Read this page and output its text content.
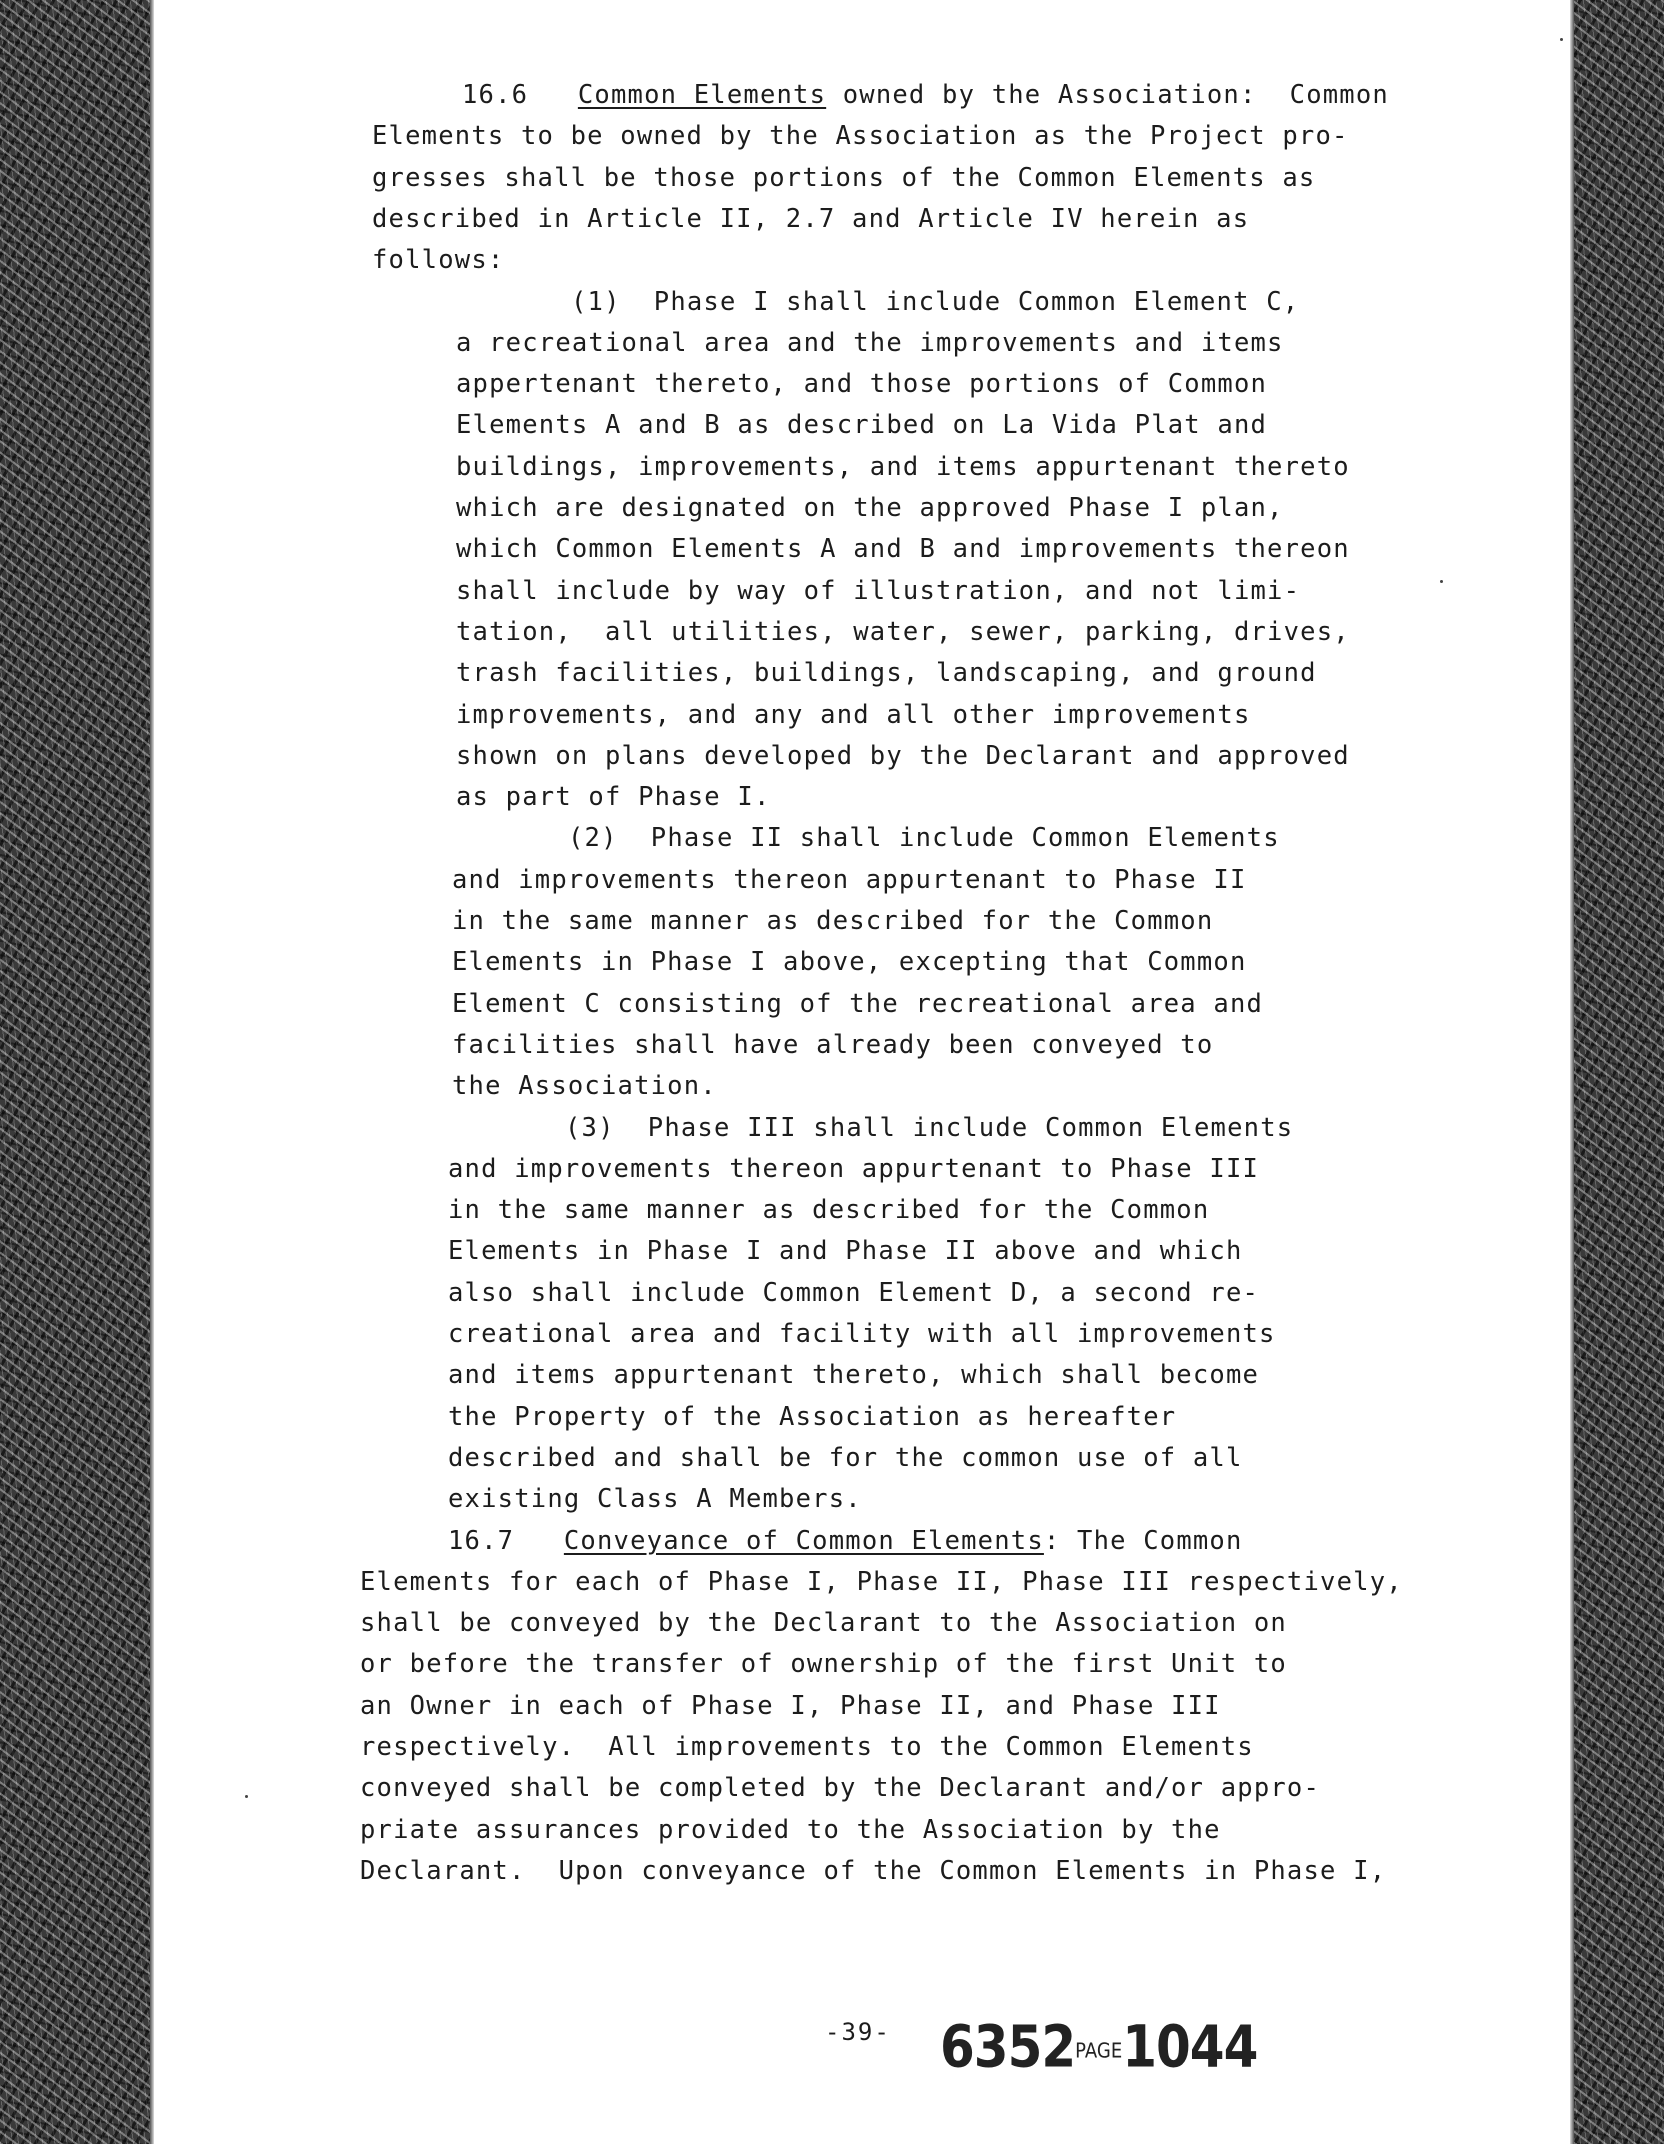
16.6   Common Elements owned by the Association:  Common
Elements to be owned by the Association as the Project pro-
gresses shall be those portions of the Common Elements as
described in Article II, 2.7 and Article IV herein as
follows:
(1)  Phase I shall include Common Element C,
a recreational area and the improvements and items
appertenant thereto, and those portions of Common
Elements A and B as described on La Vida Plat and
buildings, improvements, and items appurtenant thereto
which are designated on the approved Phase I plan,
which Common Elements A and B and improvements thereon
shall include by way of illustration, and not limi-
tation,  all utilities, water, sewer, parking, drives,
trash facilities, buildings, landscaping, and ground
improvements, and any and all other improvements
shown on plans developed by the Declarant and approved
as part of Phase I.
(2)  Phase II shall include Common Elements
and improvements thereon appurtenant to Phase II
in the same manner as described for the Common
Elements in Phase I above, excepting that Common
Element C consisting of the recreational area and
facilities shall have already been conveyed to
the Association.
(3)  Phase III shall include Common Elements
and improvements thereon appurtenant to Phase III
in the same manner as described for the Common
Elements in Phase I and Phase II above and which
also shall include Common Element D, a second re-
creational area and facility with all improvements
and items appurtenant thereto, which shall become
the Property of the Association as hereafter
described and shall be for the common use of all
existing Class A Members.
16.7   Conveyance of Common Elements: The Common
Elements for each of Phase I, Phase II, Phase III respectively,
shall be conveyed by the Declarant to the Association on
or before the transfer of ownership of the first Unit to
an Owner in each of Phase I, Phase II, and Phase III
respectively.  All improvements to the Common Elements
conveyed shall be completed by the Declarant and/or appro-
priate assurances provided to the Association by the
Declarant.  Upon conveyance of the Common Elements in Phase I,
-39- 6352PAGE1044
